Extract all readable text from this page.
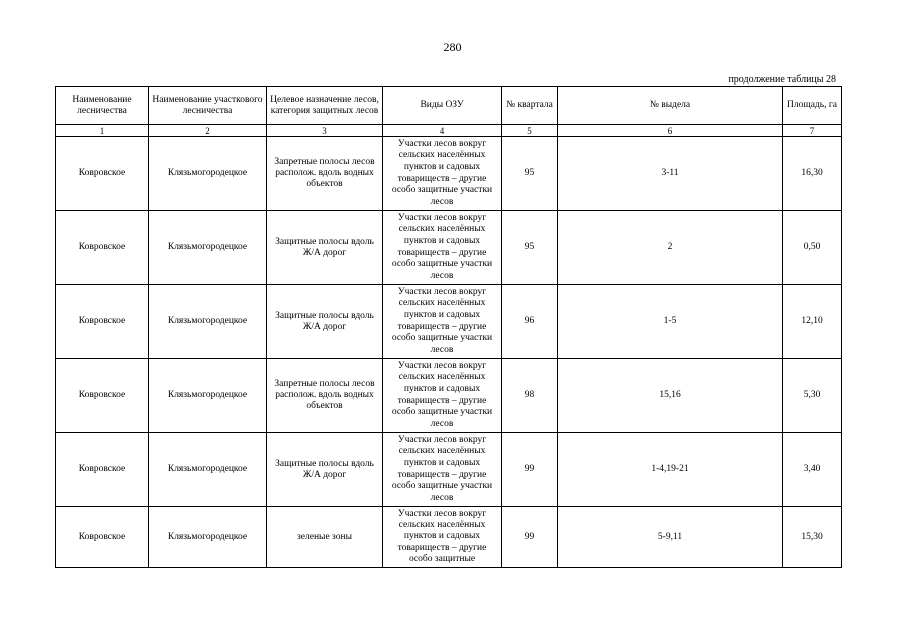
280
продолжение таблицы 28
Наименование лесничества	Наименование участкового лесничества	Целевое назначение лесов, категория защитных лесов	Виды ОЗУ	№ квартала	№ выдела	Площадь, га
1	2	3	4	5	6	7
Ковровское	Клязьмогородецкое	Запретные полосы лесов располож. вдоль водных объектов	Участки лесов вокруг сельских населённых пунктов и садовых товариществ – другие особо защитные участки лесов	95	3-11	16,30
Ковровское	Клязьмогородецкое	Защитные полосы вдоль Ж/А дорог	Участки лесов вокруг сельских населённых пунктов и садовых товариществ – другие особо защитные участки лесов	95	2	0,50
Ковровское	Клязьмогородецкое	Защитные полосы вдоль Ж/А дорог	Участки лесов вокруг сельских населённых пунктов и садовых товариществ – другие особо защитные участки лесов	96	1-5	12,10
Ковровское	Клязьмогородецкое	Запретные полосы лесов располож. вдоль водных объектов	Участки лесов вокруг сельских населённых пунктов и садовых товариществ – другие особо защитные участки лесов	98	15,16	5,30
Ковровское	Клязьмогородецкое	Защитные полосы вдоль Ж/А дорог	Участки лесов вокруг сельских населённых пунктов и садовых товариществ – другие особо защитные участки лесов	99	1-4,19-21	3,40
Ковровское	Клязьмогородецкое	зеленые зоны	Участки лесов вокруг сельских населённых пунктов и садовых товариществ – другие особо защитные	99	5-9,11	15,30
